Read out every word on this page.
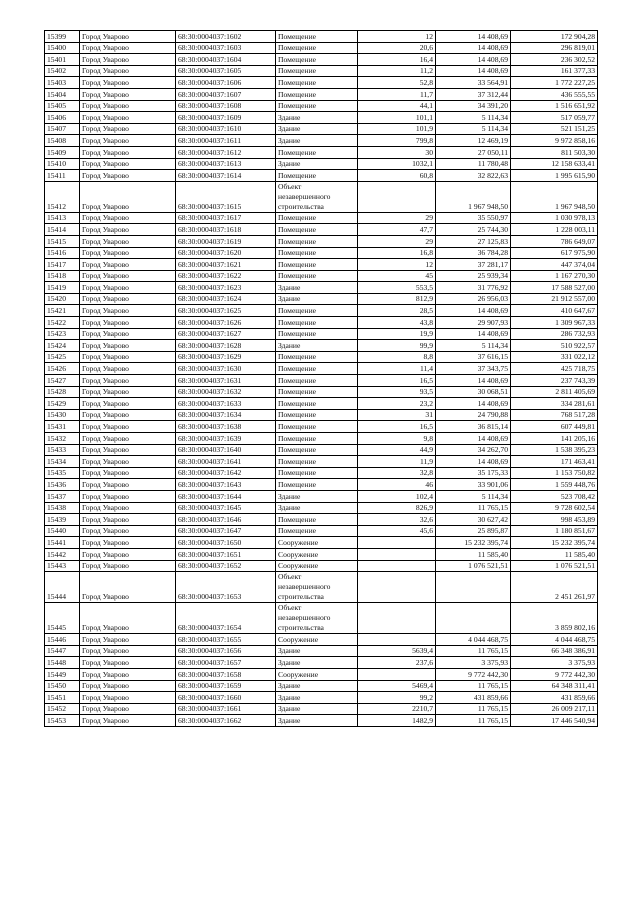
15399	Город Уварово	68:30:0004037:1602	Помещение	12	14 408,69	172 904,28
15400	Город Уварово	68:30:0004037:1603	Помещение	20,6	14 408,69	296 819,01
15401	Город Уварово	68:30:0004037:1604	Помещение	16,4	14 408,69	236 302,52
15402	Город Уварово	68:30:0004037:1605	Помещение	11,2	14 408,69	161 377,33
15403	Город Уварово	68:30:0004037:1606	Помещение	52,8	33 564,91	1 772 227,25
15404	Город Уварово	68:30:0004037:1607	Помещение	11,7	37 312,44	436 555,55
15405	Город Уварово	68:30:0004037:1608	Помещение	44,1	34 391,20	1 516 651,92
15406	Город Уварово	68:30:0004037:1609	Здание	101,1	5 114,34	517 059,77
15407	Город Уварово	68:30:0004037:1610	Здание	101,9	5 114,34	521 151,25
15408	Город Уварово	68:30:0004037:1611	Здание	799,8	12 469,19	9 972 858,16
15409	Город Уварово	68:30:0004037:1612	Помещение	30	27 050,11	811 503,30
15410	Город Уварово	68:30:0004037:1613	Здание	1032,1	11 780,48	12 158 633,41
15411	Город Уварово	68:30:0004037:1614	Помещение	60,8	32 822,63	1 995 615,90
15412	Город Уварово	68:30:0004037:1615	Объект незавершенного строительства		1 967 948,50	1 967 948,50
15413	Город Уварово	68:30:0004037:1617	Помещение	29	35 550,97	1 030 978,13
15414	Город Уварово	68:30:0004037:1618	Помещение	47,7	25 744,30	1 228 003,11
15415	Город Уварово	68:30:0004037:1619	Помещение	29	27 125,83	786 649,07
15416	Город Уварово	68:30:0004037:1620	Помещение	16,8	36 784,28	617 975,90
15417	Город Уварово	68:30:0004037:1621	Помещение	12	37 281,17	447 374,04
15418	Город Уварово	68:30:0004037:1622	Помещение	45	25 939,34	1 167 270,30
15419	Город Уварово	68:30:0004037:1623	Здание	553,5	31 776,92	17 588 527,00
15420	Город Уварово	68:30:0004037:1624	Здание	812,9	26 956,03	21 912 557,00
15421	Город Уварово	68:30:0004037:1625	Помещение	28,5	14 408,69	410 647,67
15422	Город Уварово	68:30:0004037:1626	Помещение	43,8	29 907,93	1 309 967,33
15423	Город Уварово	68:30:0004037:1627	Помещение	19,9	14 408,69	286 732,93
15424	Город Уварово	68:30:0004037:1628	Здание	99,9	5 114,34	510 922,57
15425	Город Уварово	68:30:0004037:1629	Помещение	8,8	37 616,15	331 022,12
15426	Город Уварово	68:30:0004037:1630	Помещение	11,4	37 343,75	425 718,75
15427	Город Уварово	68:30:0004037:1631	Помещение	16,5	14 408,69	237 743,39
15428	Город Уварово	68:30:0004037:1632	Помещение	93,5	30 068,51	2 811 405,69
15429	Город Уварово	68:30:0004037:1633	Помещение	23,2	14 408,69	334 281,61
15430	Город Уварово	68:30:0004037:1634	Помещение	31	24 790,88	768 517,28
15431	Город Уварово	68:30:0004037:1638	Помещение	16,5	36 815,14	607 449,81
15432	Город Уварово	68:30:0004037:1639	Помещение	9,8	14 408,69	141 205,16
15433	Город Уварово	68:30:0004037:1640	Помещение	44,9	34 262,70	1 538 395,23
15434	Город Уварово	68:30:0004037:1641	Помещение	11,9	14 408,69	171 463,41
15435	Город Уварово	68:30:0004037:1642	Помещение	32,8	35 175,33	1 153 750,82
15436	Город Уварово	68:30:0004037:1643	Помещение	46	33 901,06	1 559 448,76
15437	Город Уварово	68:30:0004037:1644	Здание	102,4	5 114,34	523 708,42
15438	Город Уварово	68:30:0004037:1645	Здание	826,9	11 765,15	9 728 602,54
15439	Город Уварово	68:30:0004037:1646	Помещение	32,6	30 627,42	998 453,89
15440	Город Уварово	68:30:0004037:1647	Помещение	45,6	25 895,87	1 180 851,67
15441	Город Уварово	68:30:0004037:1650	Сооружение		15 232 395,74	15 232 395,74
15442	Город Уварово	68:30:0004037:1651	Сооружение		11 585,40	11 585,40
15443	Город Уварово	68:30:0004037:1652	Сооружение		1 076 521,51	1 076 521,51
15444	Город Уварово	68:30:0004037:1653	Объект незавершенного строительства			2 451 261,97
15445	Город Уварово	68:30:0004037:1654	Объект незавершенного строительства			3 859 802,16
15446	Город Уварово	68:30:0004037:1655	Сооружение		4 044 468,75	4 044 468,75
15447	Город Уварово	68:30:0004037:1656	Здание	5639,4	11 765,15	66 348 386,91
15448	Город Уварово	68:30:0004037:1657	Здание	237,6	3 375,93	3 375,93
15449	Город Уварово	68:30:0004037:1658	Сооружение		9 772 442,30	9 772 442,30
15450	Город Уварово	68:30:0004037:1659	Здание	5469,4	11 765,15	64 348 311,41
15451	Город Уварово	68:30:0004037:1660	Здание	99,2	431 859,66	431 859,66
15452	Город Уварово	68:30:0004037:1661	Здание	2210,7	11 765,15	26 009 217,11
15453	Город Уварово	68:30:0004037:1662	Здание	1482,9	11 765,15	17 446 540,94
